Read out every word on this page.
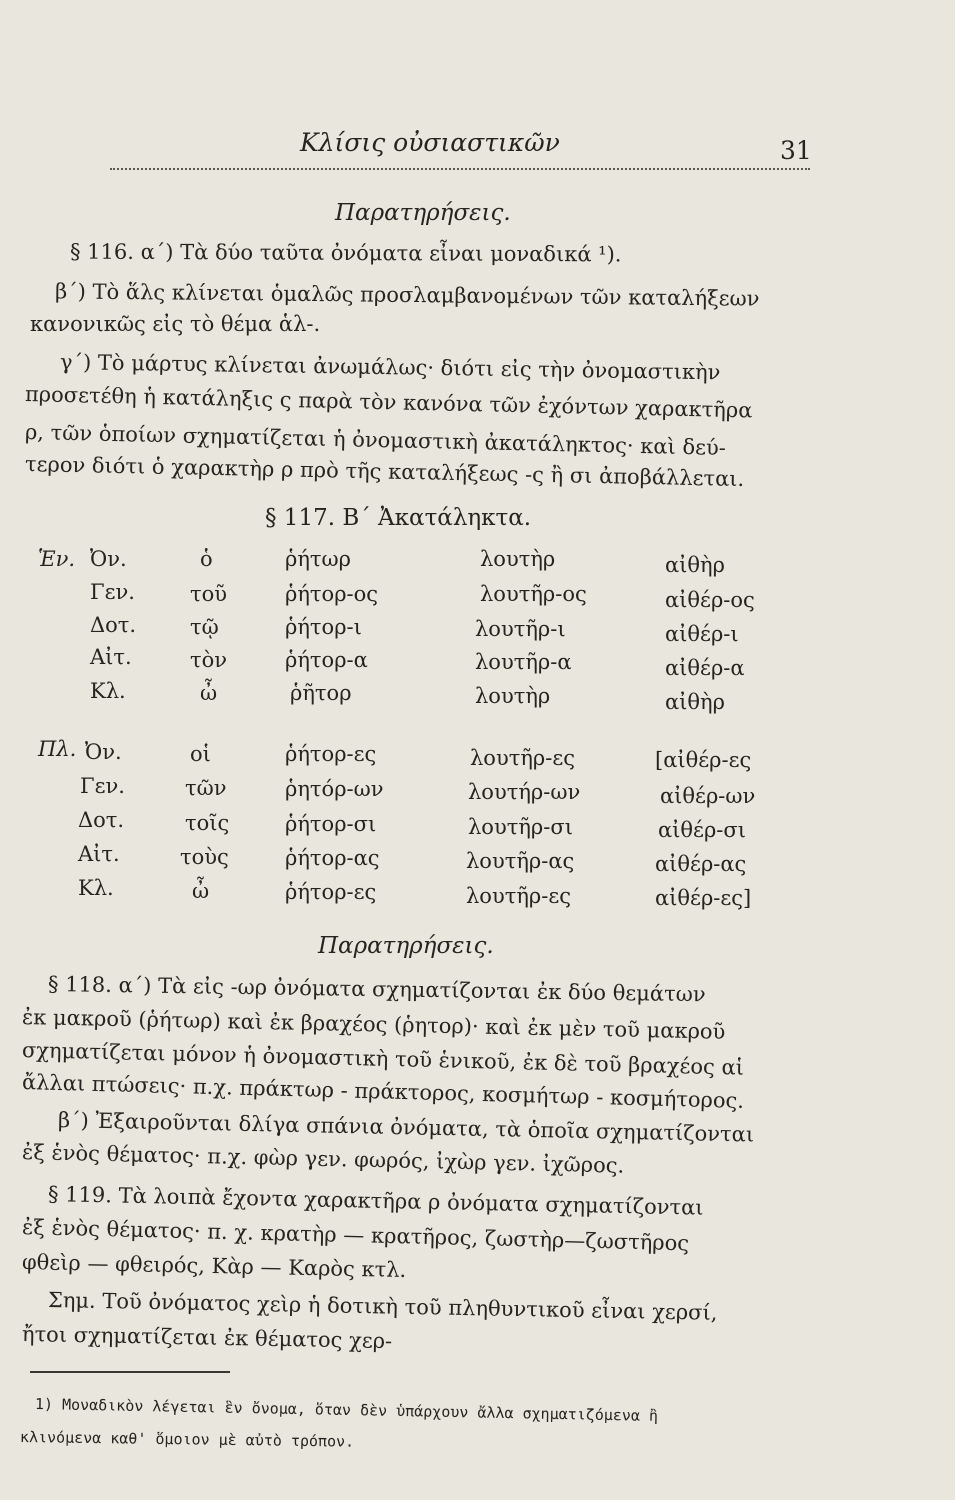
Κλίσις οὐσιαστικῶν	31
Παρατηρήσεις.
§ 116. α΄) Τὰ δύο ταῦτα ὀνόματα εἶναι μοναδικά ¹).
β΄) Τὸ ἅλς κλίνεται ὁμαλῶς προσλαμβανομένων τῶν καταλήξεων
κανονικῶς εἰς τὸ θέμα ἁλ-.
γ΄) Τὸ μάρτυς κλίνεται ἀνωμάλως· διότι εἰς τὴν ὀνομαστικὴν
προσετέθη ἡ κατάληξις ς παρὰ τὸν κανόνα τῶν ἐχόντων χαρακτῆρα
ρ, τῶν ὁποίων σχηματίζεται ἡ ὀνομαστικὴ ἀκατάληκτος· καὶ δεύ-
τερον διότι ὁ χαρακτὴρ ρ πρὸ τῆς καταλήξεως -ς ἢ σι ἀποβάλλεται.
§ 117. Β΄ Ἀκατάληκτα.
Ἑν. Ὀν.	ὁ	ῥήτωρ	λουτὴρ	αἰθὴρ
Γεν.	τοῦ	ῥήτορ-ος	λουτῆρ-ος	αἰθέρ-ος
Δοτ.	τῷ	ῥήτορ-ι	λουτῆρ-ι	αἰθέρ-ι
Αἰτ.	τὸν	ῥήτορ-α	λουτῆρ-α	αἰθέρ-α
Κλ.	ὦ	ῥῆτορ	λουτὴρ	αἰθὴρ
Πλ. Ὀν.	οἱ	ῥήτορ-ες	λουτῆρ-ες	[αἰθέρ-ες
Γεν.	τῶν	ῥητόρ-ων	λουτήρ-ων	αἰθέρ-ων
Δοτ.	τοῖς	ῥήτορ-σι	λουτῆρ-σι	αἰθέρ-σι
Αἰτ.	τοὺς	ῥήτορ-ας	λουτῆρ-ας	αἰθέρ-ας
Κλ.	ὦ	ῥήτορ-ες	λουτῆρ-ες	αἰθέρ-ες]
Παρατηρήσεις.
§ 118. α΄) Τὰ εἰς -ωρ ὀνόματα σχηματίζονται ἐκ δύο θεμάτων
ἐκ μακροῦ (ῥήτωρ) καὶ ἐκ βραχέος (ῥητορ)· καὶ ἐκ μὲν τοῦ μακροῦ
σχηματίζεται μόνον ἡ ὀνομαστικὴ τοῦ ἑνικοῦ, ἐκ δὲ τοῦ βραχέος αἱ
ἄλλαι πτώσεις· π.χ. πράκτωρ - πράκτορος, κοσμήτωρ - κοσμήτορος.
β΄) Ἐξαιροῦνται δλίγα σπάνια ὀνόματα, τὰ ὁποῖα σχηματίζονται
ἐξ ἑνὸς θέματος· π.χ. φὼρ γεν. φωρός, ἰχὼρ γεν. ἰχῶρος.
§ 119. Τὰ λοιπὰ ἔχοντα χαρακτῆρα ρ ὀνόματα σχηματίζονται
ἐξ ἑνὸς θέματος· π. χ. κρατὴρ — κρατῆρος, ζωστὴρ—ζωστῆρος
φθεὶρ — φθειρός, Κὰρ — Καρὸς κτλ.
Σημ. Τοῦ ὀνόματος χεὶρ ἡ δοτικὴ τοῦ πληθυντικοῦ εἶναι χερσί,
ἤτοι σχηματίζεται ἐκ θέματος χερ-
1) Μοναδικὸν λέγεται ἓν ὄνομα, ὅταν δὲν ὑπάρχουν ἄλλα σχηματιζόμενα ἢ
κλινόμενα καθ' ὅμοιον μὲ αὐτὸ τρόπον.
